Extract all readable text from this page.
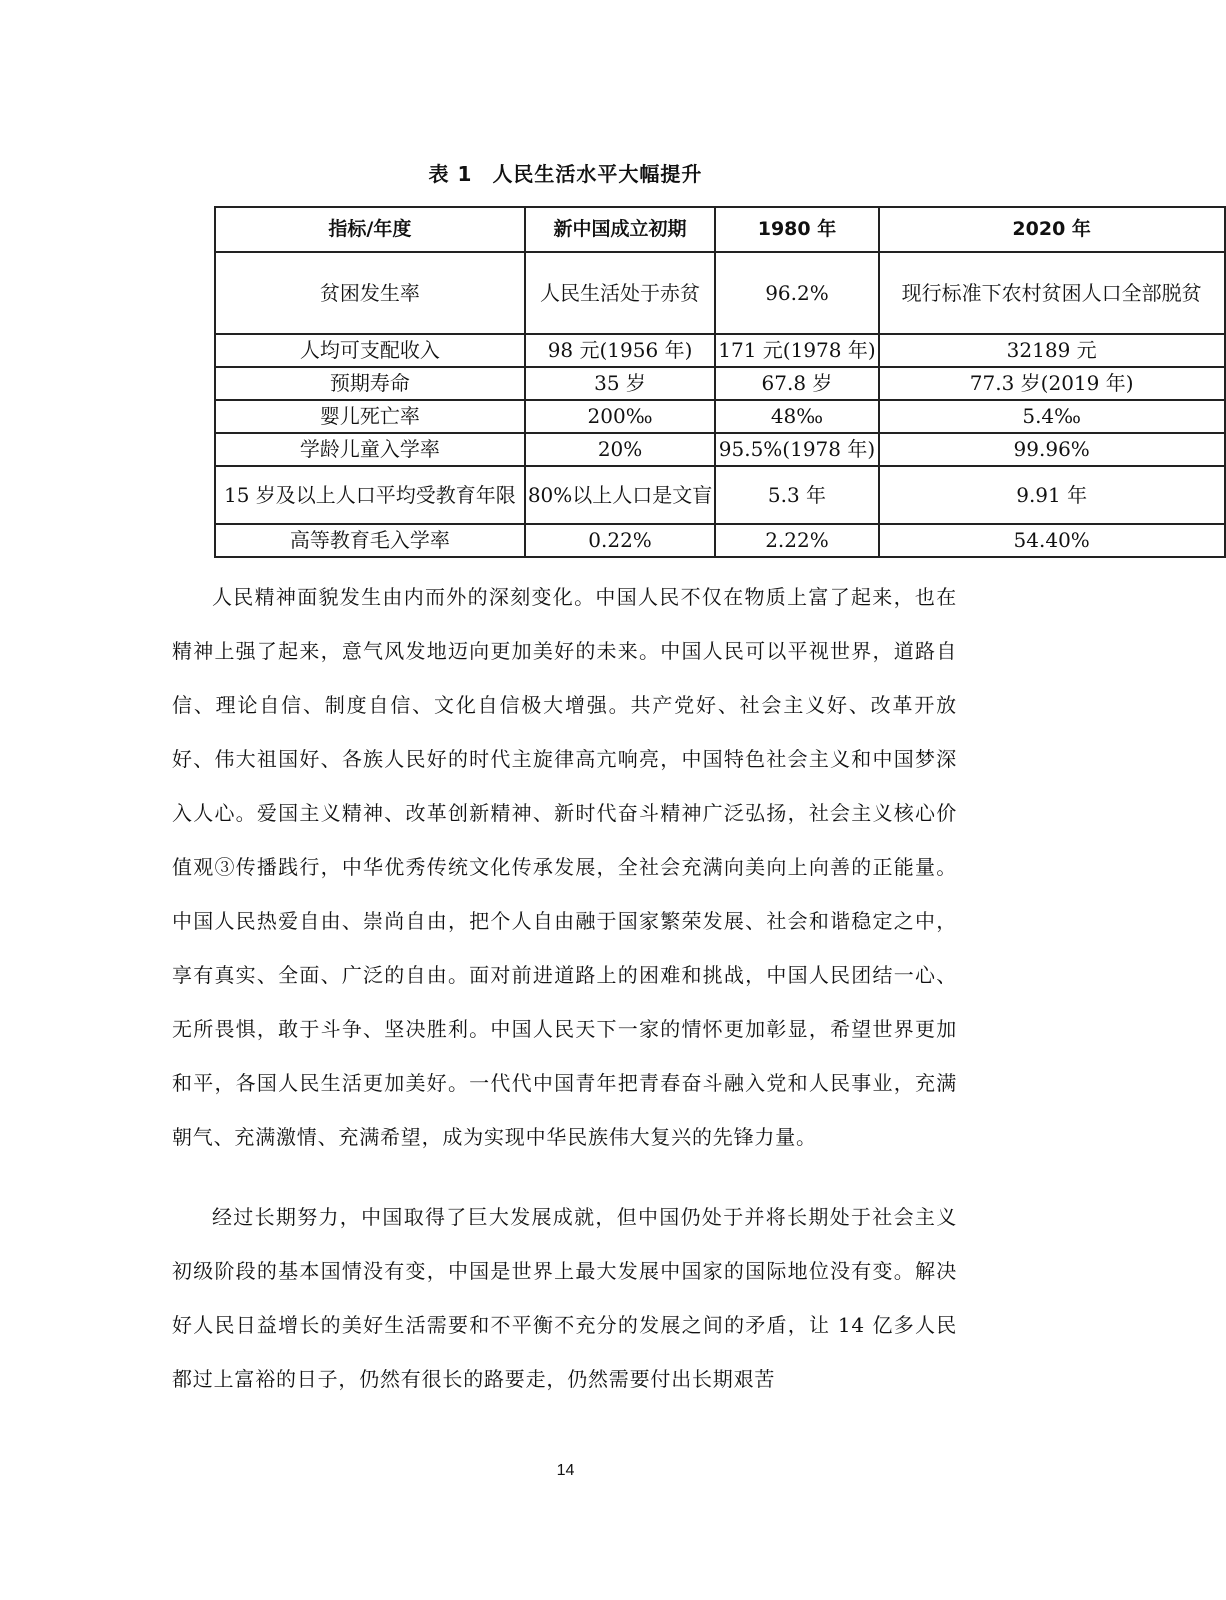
表 1 人民生活水平大幅提升
指标/年度	新中国成立初期	1980 年	2020 年
贫困发生率	人民生活处于赤贫	96.2%	现行标准下农村贫困人口全部脱贫
人均可支配收入	98 元(1956 年)	171 元(1978 年)	32189 元
预期寿命	35 岁	67.8 岁	77.3 岁(2019 年)
婴儿死亡率	200‰	48‰	5.4‰
学龄儿童入学率	20%	95.5%(1978 年)	99.96%
15 岁及以上人口平均受教育年限	80%以上人口是文盲	5.3 年	9.91 年
高等教育毛入学率	0.22%	2.22%	54.40%

人民精神面貌发生由内而外的深刻变化。中国人民不仅在物质上富了起来，也在精神上强了起来，意气风发地迈向更加美好的未来。中国人民可以平视世界，道路自信、理论自信、制度自信、文化自信极大增强。共产党好、社会主义好、改革开放好、伟大祖国好、各族人民好的时代主旋律高亢响亮，中国特色社会主义和中国梦深入人心。爱国主义精神、改革创新精神、新时代奋斗精神广泛弘扬，社会主义核心价值观③传播践行，中华优秀传统文化传承发展，全社会充满向美向上向善的正能量。中国人民热爱自由、崇尚自由，把个人自由融于国家繁荣发展、社会和谐稳定之中，享有真实、全面、广泛的自由。面对前进道路上的困难和挑战，中国人民团结一心、无所畏惧，敢于斗争、坚决胜利。中国人民天下一家的情怀更加彰显，希望世界更加和平，各国人民生活更加美好。一代代中国青年把青春奋斗融入党和人民事业，充满朝气、充满激情、充满希望，成为实现中华民族伟大复兴的先锋力量。

经过长期努力，中国取得了巨大发展成就，但中国仍处于并将长期处于社会主义初级阶段的基本国情没有变，中国是世界上最大发展中国家的国际地位没有变。解决好人民日益增长的美好生活需要和不平衡不充分的发展之间的矛盾，让 14 亿多人民都过上富裕的日子，仍然有很长的路要走，仍然需要付出长期艰苦

14
